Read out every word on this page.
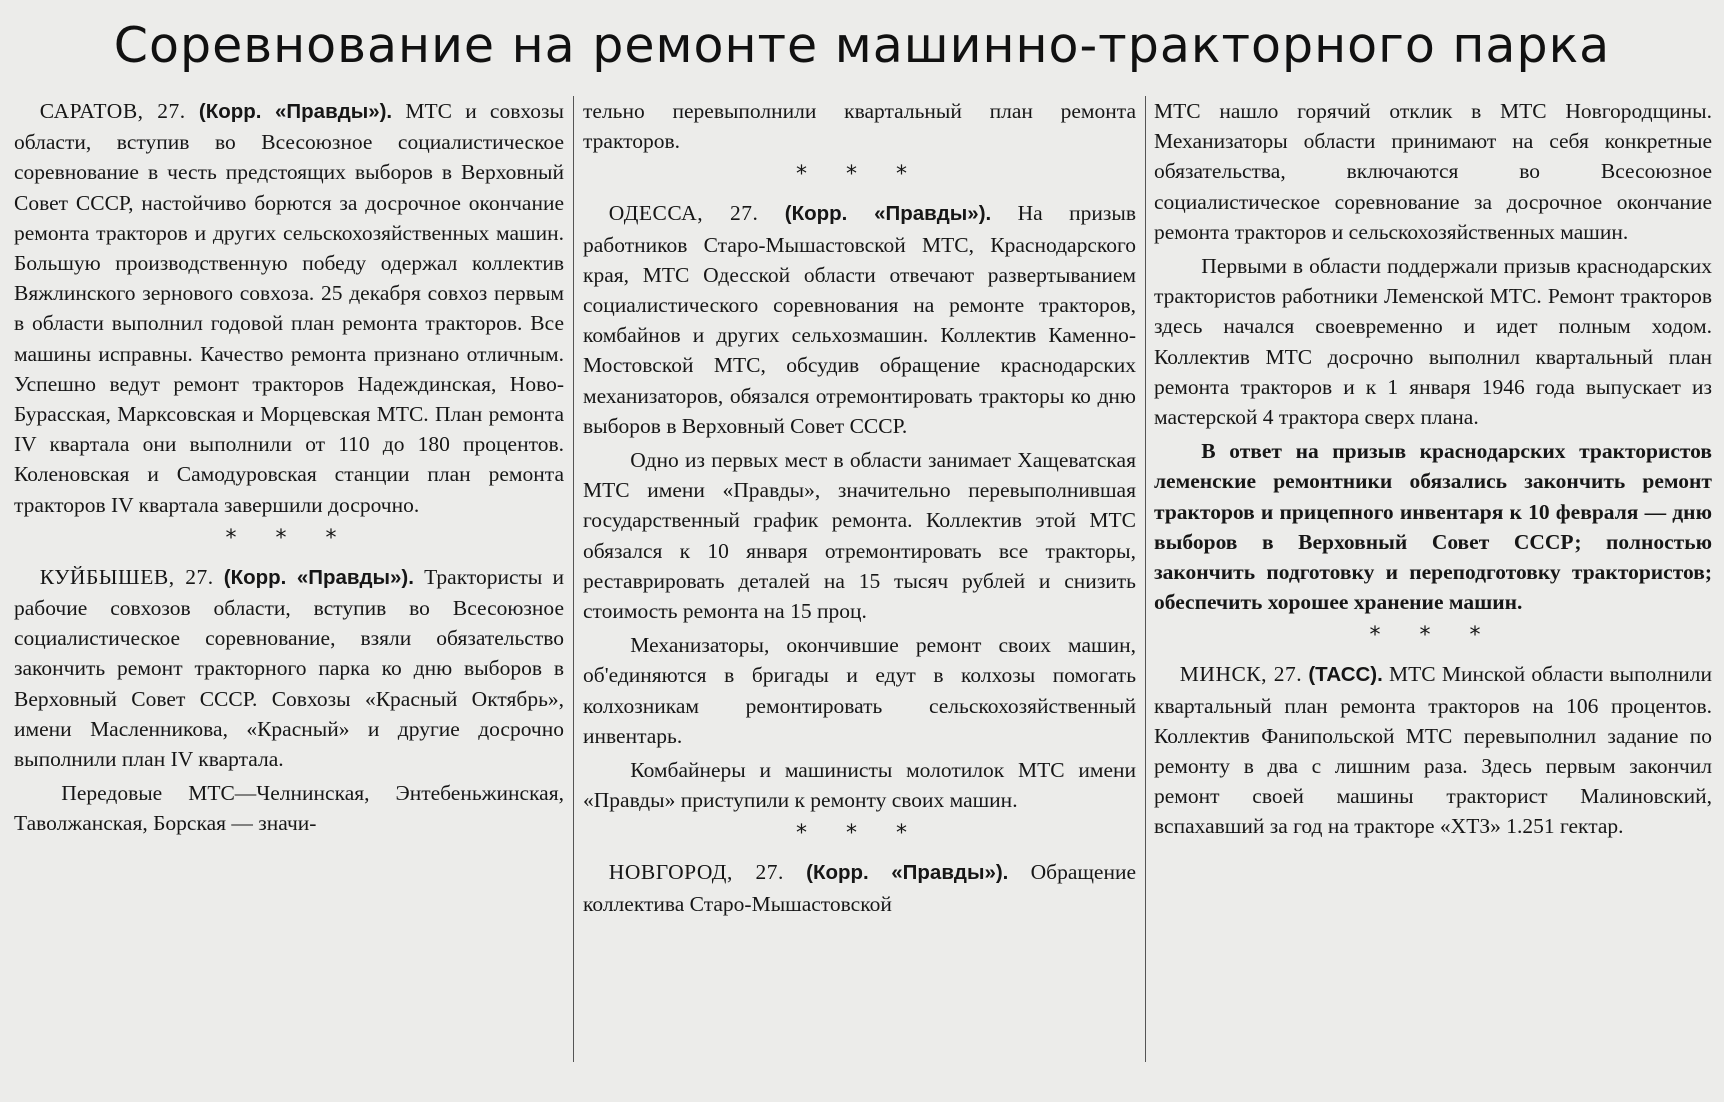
Соревнование на ремонте машинно-тракторного парка

САРАТОВ, 27. (Корр. «Правды»). МТС и совхозы области, вступив во Всесоюзное социалистическое соревнование в честь предстоящих выборов в Верховный Совет СССР, настойчиво борются за досрочное окончание ремонта тракторов и других сельскохозяйственных машин. Большую производственную победу одержал коллектив Вяжлинского зернового совхоза. 25 декабря совхоз первым в области выполнил годовой план ремонта тракторов. Все машины исправны. Качество ремонта признано отличным. Успешно ведут ремонт тракторов Надеждинская, Ново-Бурасская, Марксовская и Морцевская МТС. План ремонта IV квартала они выполнили от 110 до 180 процентов. Коленовская и Самодуровская станции план ремонта тракторов IV квартала завершили досрочно.

* * *

КУЙБЫШЕВ, 27. (Корр. «Правды»). Трактористы и рабочие совхозов области, вступив во Всесоюзное социалистическое соревнование, взяли обязательство закончить ремонт тракторного парка ко дню выборов в Верховный Совет СССР. Совхозы «Красный Октябрь», имени Масленникова, «Красный» и другие досрочно выполнили план IV квартала.

Передовые МТС—Челнинская, Энтебеньжинская, Таволжанская, Борская — значи-

тельно перевыполнили квартальный план ремонта тракторов.

* * *

ОДЕССА, 27. (Корр. «Правды»). На призыв работников Старо-Мышастовской МТС, Краснодарского края, МТС Одесской области отвечают развертыванием социалистического соревнования на ремонте тракторов, комбайнов и других сельхозмашин. Коллектив Каменно-Мостовской МТС, обсудив обращение краснодарских механизаторов, обязался отремонтировать тракторы ко дню выборов в Верховный Совет СССР.

Одно из первых мест в области занимает Хащеватская МТС имени «Правды», значительно перевыполнившая государственный график ремонта. Коллектив этой МТС обязался к 10 января отремонтировать все тракторы, реставрировать деталей на 15 тысяч рублей и снизить стоимость ремонта на 15 проц.

Механизаторы, окончившие ремонт своих машин, об'единяются в бригады и едут в колхозы помогать колхозникам ремонтировать сельскохозяйственный инвентарь.

Комбайнеры и машинисты молотилок МТС имени «Правды» приступили к ремонту своих машин.

* * *

НОВГОРОД, 27. (Корр. «Правды»). Обращение коллектива Старо-Мышастовской

МТС нашло горячий отклик в МТС Новгородщины. Механизаторы области принимают на себя конкретные обязательства, включаются во Всесоюзное социалистическое соревнование за досрочное окончание ремонта тракторов и сельскохозяйственных машин.

Первыми в области поддержали призыв краснодарских трактористов работники Леменской МТС. Ремонт тракторов здесь начался своевременно и идет полным ходом. Коллектив МТС досрочно выполнил квартальный план ремонта тракторов и к 1 января 1946 года выпускает из мастерской 4 трактора сверх плана.

В ответ на призыв краснодарских трактористов леменские ремонтники обязались закончить ремонт тракторов и прицепного инвентаря к 10 февраля — дню выборов в Верховный Совет СССР; полностью закончить подготовку и переподготовку трактористов; обеспечить хорошее хранение машин.

* * *

МИНСК, 27. (ТАСС). МТС Минской области выполнили квартальный план ремонта тракторов на 106 процентов. Коллектив Фанипольской МТС перевыполнил задание по ремонту в два с лишним раза. Здесь первым закончил ремонт своей машины тракторист Малиновский, вспахавший за год на тракторе «ХТЗ» 1.251 гектар.
